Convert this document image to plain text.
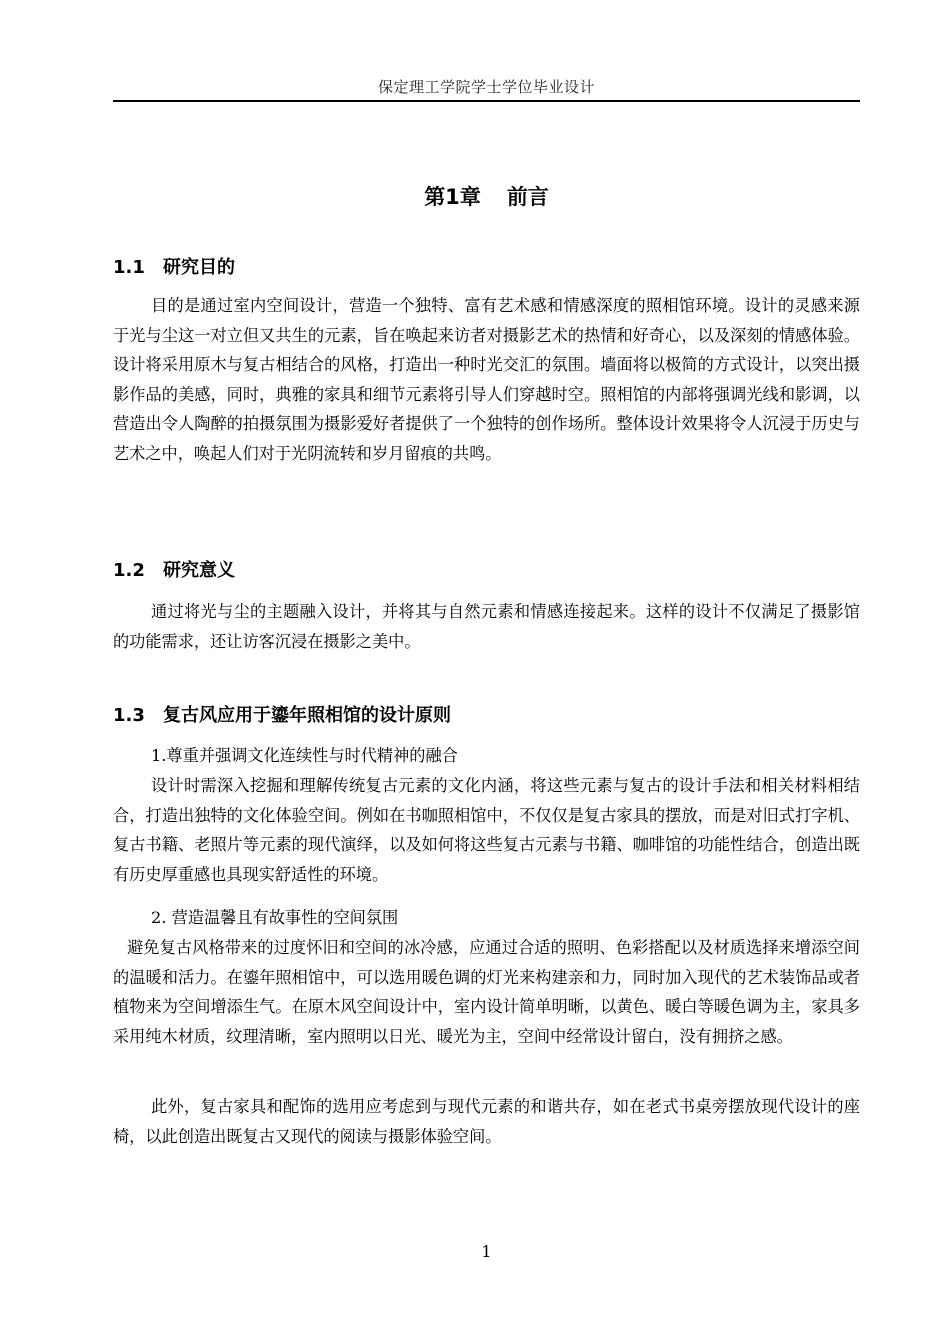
保定理工学院学士学位毕业设计
第1章 前言
1.1 研究目的
目的是通过室内空间设计，营造一个独特、富有艺术感和情感深度的照相馆环境。设计的灵感来源于光与尘这一对立但又共生的元素，旨在唤起来访者对摄影艺术的热情和好奇心，以及深刻的情感体验。设计将采用原木与复古相结合的风格，打造出一种时光交汇的氛围。墙面将以极简的方式设计，以突出摄影作品的美感，同时，典雅的家具和细节元素将引导人们穿越时空。照相馆的内部将强调光线和影调，以营造出令人陶醉的拍摄氛围为摄影爱好者提供了一个独特的创作场所。整体设计效果将令人沉浸于历史与艺术之中，唤起人们对于光阴流转和岁月留痕的共鸣。
1.2 研究意义
通过将光与尘的主题融入设计，并将其与自然元素和情感连接起来。这样的设计不仅满足了摄影馆的功能需求，还让访客沉浸在摄影之美中。
1.3 复古风应用于鎏年照相馆的设计原则
1.尊重并强调文化连续性与时代精神的融合
设计时需深入挖掘和理解传统复古元素的文化内涵，将这些元素与复古的设计手法和相关材料相结合，打造出独特的文化体验空间。例如在书咖照相馆中，不仅仅是复古家具的摆放，而是对旧式打字机、复古书籍、老照片等元素的现代演绎，以及如何将这些复古元素与书籍、咖啡馆的功能性结合，创造出既有历史厚重感也具现实舒适性的环境。
2. 营造温馨且有故事性的空间氛围
避免复古风格带来的过度怀旧和空间的冰冷感，应通过合适的照明、色彩搭配以及材质选择来增添空间的温暖和活力。在鎏年照相馆中，可以选用暖色调的灯光来构建亲和力，同时加入现代的艺术装饰品或者植物来为空间增添生气。在原木风空间设计中，室内设计简单明晰，以黄色、暖白等暖色调为主，家具多采用纯木材质，纹理清晰，室内照明以日光、暖光为主，空间中经常设计留白，没有拥挤之感。
此外，复古家具和配饰的选用应考虑到与现代元素的和谐共存，如在老式书桌旁摆放现代设计的座椅，以此创造出既复古又现代的阅读与摄影体验空间。
1
